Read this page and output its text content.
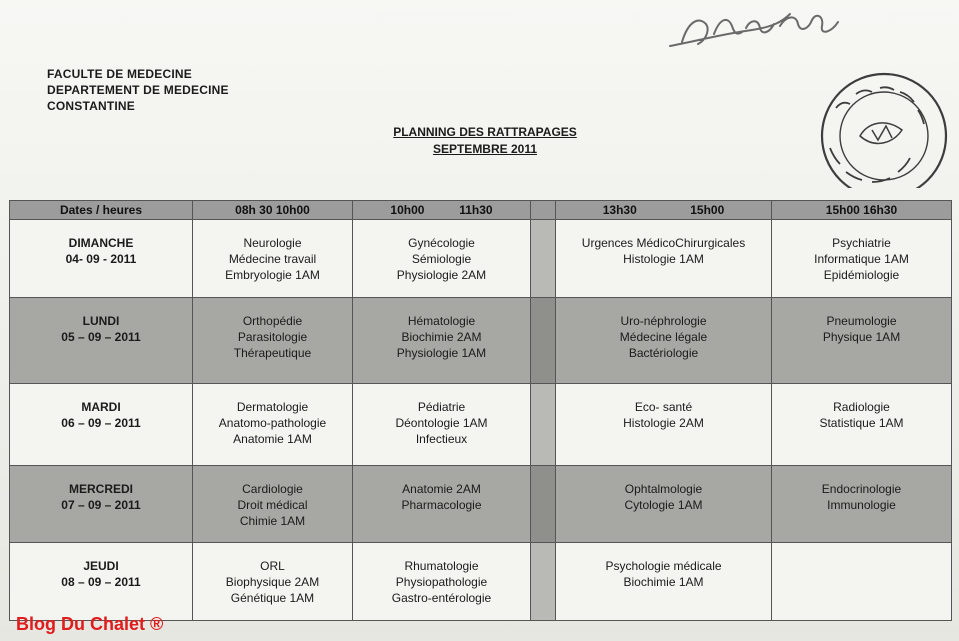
FACULTE DE MEDECINE
DEPARTEMENT DE MEDECINE
CONSTANTINE
PLANNING DES RATTRAPAGES
SEPTEMBRE 2011
Dates / heures	08h 30 10h00	10h00 11h30		13h30 15h00	15h00 16h30

DIMANCHE
04- 09 - 2011	Neurologie
Médecine travail
Embryologie 1AM	Gynécologie
Sémiologie
Physiologie 2AM		Urgences MédicoChirurgicales
Histologie 1AM	Psychiatrie
Informatique 1AM
Epidémiologie

LUNDI
05 – 09 – 2011	Orthopédie
Parasitologie
Thérapeutique	Hématologie
Biochimie 2AM
Physiologie 1AM		Uro-néphrologie
Médecine légale
Bactériologie	Pneumologie
Physique 1AM

MARDI
06 – 09 – 2011	Dermatologie
Anatomo-pathologie
Anatomie 1AM	Pédiatrie
Déontologie 1AM
Infectieux		Eco- santé
Histologie 2AM	Radiologie
Statistique 1AM

MERCREDI
07 – 09 – 2011	Cardiologie
Droit médical
Chimie 1AM	Anatomie 2AM
Pharmacologie		Ophtalmologie
Cytologie 1AM	Endocrinologie
Immunologie

JEUDI
08 – 09 – 2011	ORL
Biophysique 2AM
Génétique 1AM	Rhumatologie
Physiopathologie
Gastro-entérologie		Psychologie médicale
Biochimie 1AM	

Blog Du Chalet ®
